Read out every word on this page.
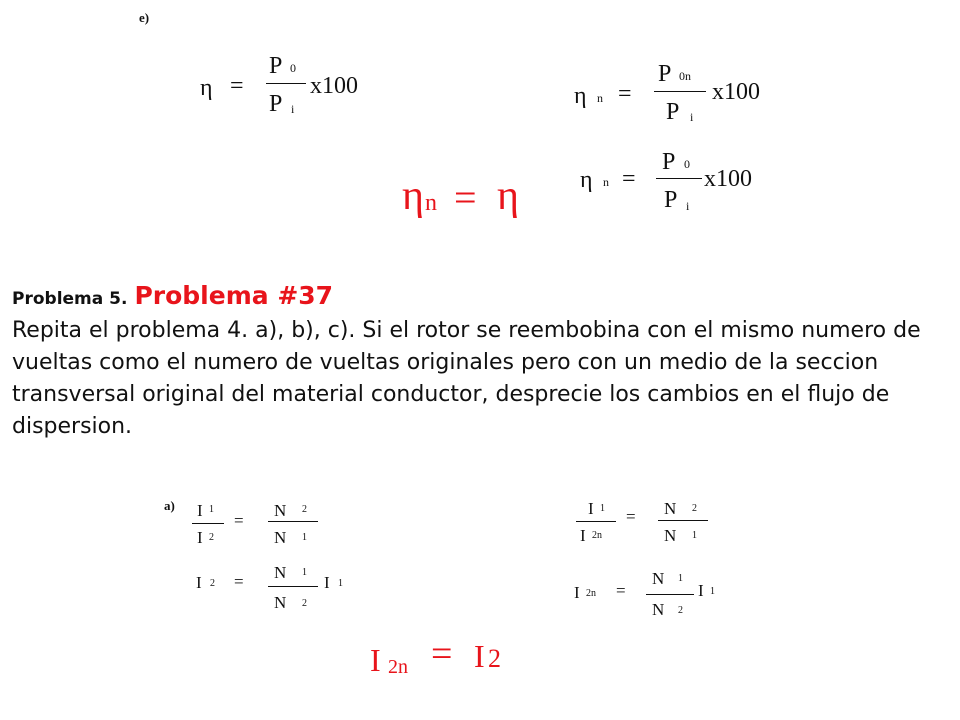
e)
η =
P 0
P i
x100	η n =
P 0n
P i
x100
η n =
P 0
P i
x100
η n = η
Problema 5. Problema #37
Repita el problema 4. a), b), c). Si el rotor se reembobina con el mismo numero de vueltas como el numero de vueltas originales pero con un medio de la seccion transversal original del material conductor, desprecie los cambios en el flujo de dispersion.
a) I 1
I 2
=
N 2
N 1
I 2 = N 1
N 2
I 1
I 1
I 2n
= N 2
N 1
I 2n =
N 1
N 2
I 1
I 2n = I 2
